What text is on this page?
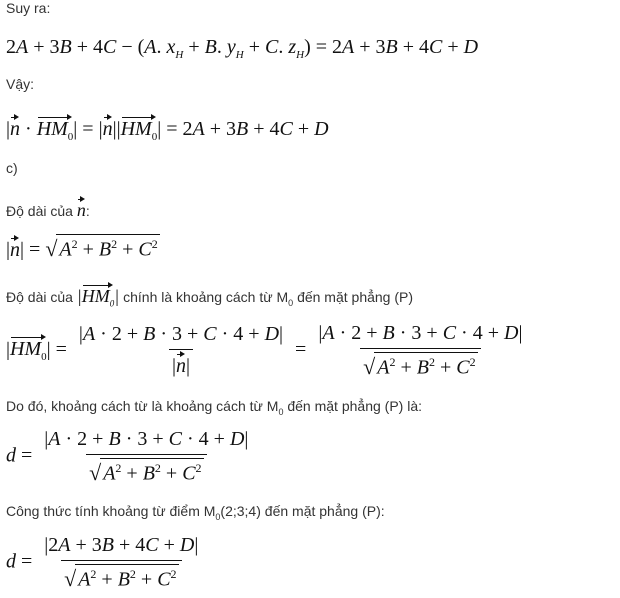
Suy ra:
2A + 3B + 4C − (A. $x_H + B$. $y_H + C$. $z_H) = 2A + 3B + 4C + D$
Vậy:
$|n \cdot HM_0| = |n||HM_0| = 2A + 3B + 4C + D$
c)
Độ dài của n:
|n| = √ $A^2 + B^2 + C^2$
Độ dài của $|HM_0|$ chính là khoảng cách từ $M_0$ đến mặt phẳng (P)
$|HM_0| = \frac{|A \cdot 2 + B \cdot 3 + C \cdot 4 + D|}{|n|} = \frac{|A \cdot 2 + B \cdot 3 + C \cdot 4 + D|}{√ A^2 + B^2 + C^2}$
Do đó, khoảng cách từ là khoảng cách từ $M_0$ đến mặt phẳng (P) là:
$d = \frac{|A \cdot 2 + B \cdot 3 + C \cdot 4 + D|}{√ A^2 + B^2 + C^2}$
Công thức tính khoảng từ điểm $M_0(2;3;4)$ đến mặt phẳng (P):
$d = \frac{|2A + 3B + 4C + D|}{√ A^2 + B^2 + C^2}$
